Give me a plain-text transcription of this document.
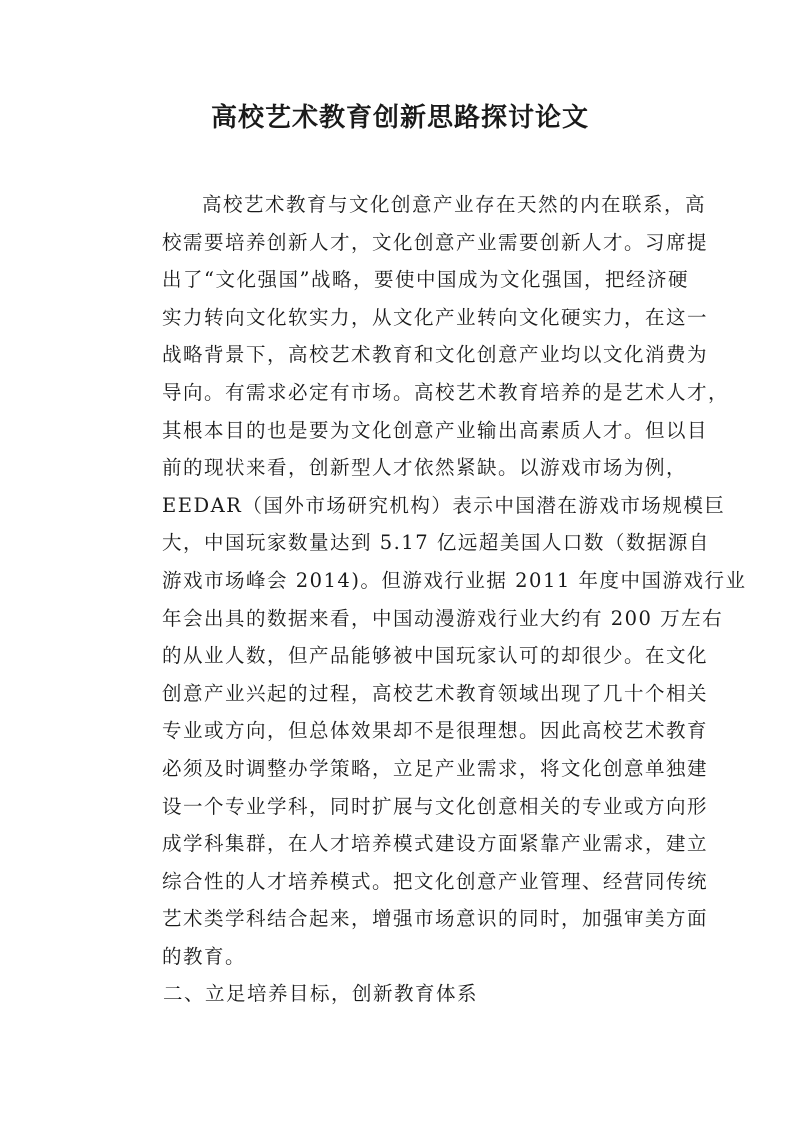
高校艺术教育创新思路探讨论文
高校艺术教育与文化创意产业存在天然的内在联系，高
校需要培养创新人才，文化创意产业需要创新人才。习席提
出了“文化强国”战略，要使中国成为文化强国，把经济硬
实力转向文化软实力，从文化产业转向文化硬实力，在这一
战略背景下，高校艺术教育和文化创意产业均以文化消费为
导向。有需求必定有市场。高校艺术教育培养的是艺术人才，
其根本目的也是要为文化创意产业输出高素质人才。但以目
前的现状来看，创新型人才依然紧缺。以游戏市场为例，
EEDAR（国外市场研究机构）表示中国潜在游戏市场规模巨
大，中国玩家数量达到 5.17 亿远超美国人口数（数据源自
游戏市场峰会 2014)。但游戏行业据 2011 年度中国游戏行业
年会出具的数据来看，中国动漫游戏行业大约有 200 万左右
的从业人数，但产品能够被中国玩家认可的却很少。在文化
创意产业兴起的过程，高校艺术教育领域出现了几十个相关
专业或方向，但总体效果却不是很理想。因此高校艺术教育
必须及时调整办学策略，立足产业需求，将文化创意单独建
设一个专业学科，同时扩展与文化创意相关的专业或方向形
成学科集群，在人才培养模式建设方面紧靠产业需求，建立
综合性的人才培养模式。把文化创意产业管理、经营同传统
艺术类学科结合起来，增强市场意识的同时，加强审美方面
的教育。

二、立足培养目标，创新教育体系
